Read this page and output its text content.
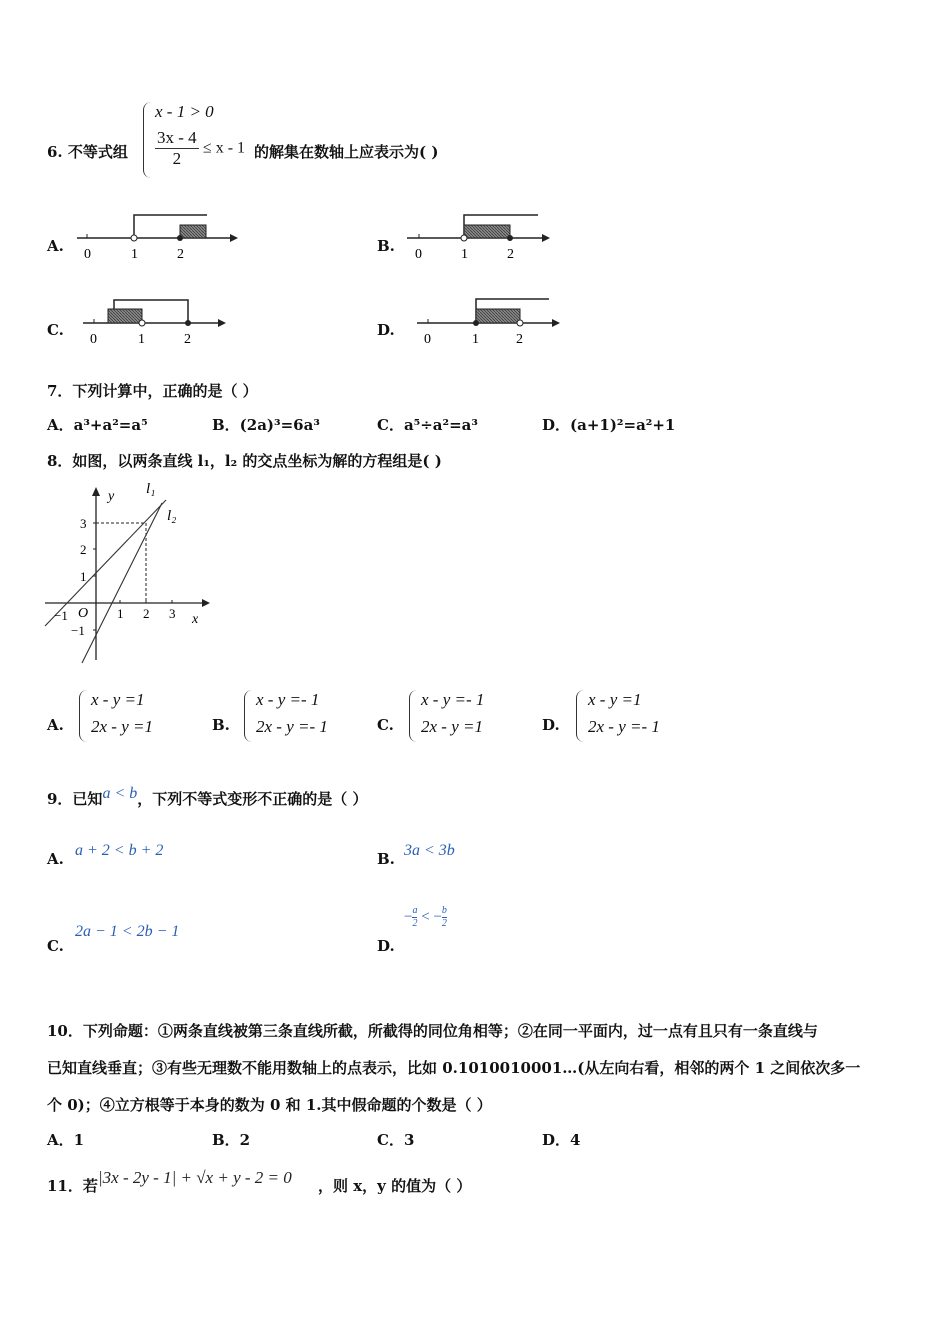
6. 不等式组
x - 1 > 0
$\frac{3x - 4}{2} \le x - 1$ 的解集在数轴上应表示为( )
A.	B.
C.	D.
0	1	2	0	1	2
0	1	2	0	1	2
7．下列计算中，正确的是（ ）
A．a³+a²=a⁵	B．(2a)³=6a³	C．a⁵÷a²=a³	D．(a+1)²=a²+1
8．如图，以两条直线 l₁，l₂ 的交点坐标为解的方程组是( )
y
x
l₁
l₂
O
−1	1 2 3
3
2
1
−1
A.
x - y =1
2x - y =1	B.
x - y =- 1
2x - y =- 1	C.
x - y =- 1
2x - y =1	D.
x - y =1
2x - y =- 1
9．已知a < b，下列不等式变形不正确的是（ ）
A. a + 2 < b + 2	B. 3a < 3b
C.
2a − 1 < 2b − 1
D.
− $\frac{a}{2}$ < − $\frac{b}{2}$
10．下列命题：①两条直线被第三条直线所截，所截得的同位角相等；②在同一平面内，过一点有且只有一条直线与
已知直线垂直；③有些无理数不能用数轴上的点表示，比如 0.1010010001…(从左向右看，相邻的两个 1 之间依次多一
个 0)；④立方根等于本身的数为 0 和 1.其中假命题的个数是（ ）
A．1	B．2	C．3	D．4
11．若 |3x - 2y - 1| + √x + y - 2 = 0 ，则 x，y 的值为（ ）
